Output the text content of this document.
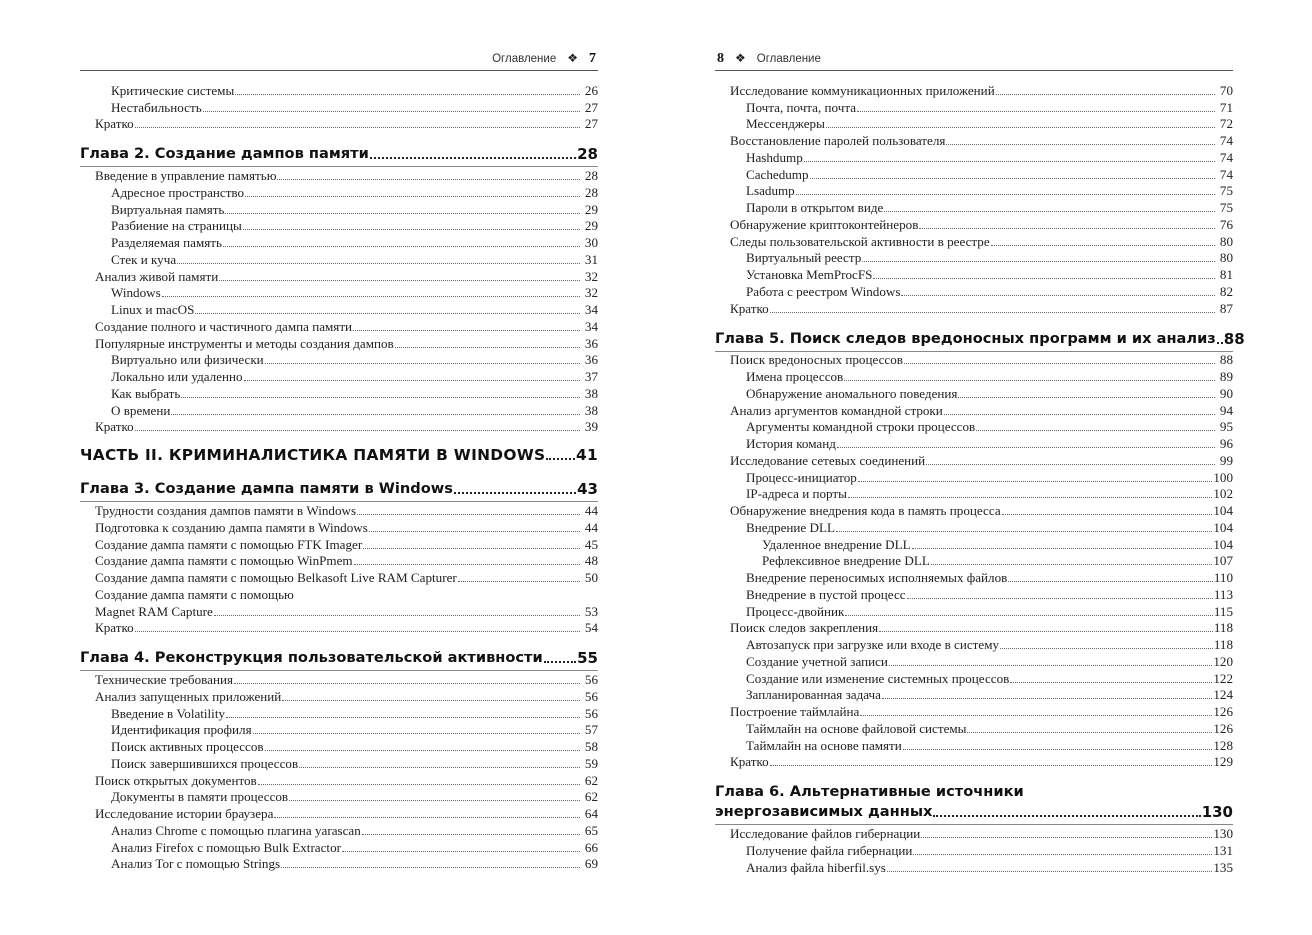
Оглавление ❖ 7
Критические системы	26
Нестабильность	27
Кратко	27
Глава 2. Создание дампов памяти	28
Введение в управление памятью	28
Адресное пространство	28
Виртуальная память	29
Разбиение на страницы	29
Разделяемая память	30
Стек и куча	31
Анализ живой памяти	32
Windows	32
Linux и macOS	34
Создание полного и частичного дампа памяти	34
Популярные инструменты и методы создания дампов	36
Виртуально или физически	36
Локально или удаленно	37
Как выбрать	38
О времени	38
Кратко	39
ЧАСТЬ II. КРИМИНАЛИСТИКА ПАМЯТИ В WINDOWS 41
Глава 3. Создание дампа памяти в Windows	43
Трудности создания дампов памяти в Windows	44
Подготовка к созданию дампа памяти в Windows	44
Создание дампа памяти с помощью FTK Imager	45
Создание дампа памяти с помощью WinPmem	48
Создание дампа памяти с помощью Belkasoft Live RAM Capturer	50
Создание дампа памяти с помощью
Magnet RAM Capture	53
Кратко	54
Глава 4. Реконструкция пользовательской активности 55
Технические требования	56
Анализ запущенных приложений	56
Введение в Volatility	56
Идентификация профиля	57
Поиск активных процессов	58
Поиск завершившихся процессов	59
Поиск открытых документов	62
Документы в памяти процессов	62
Исследование истории браузера	64
Анализ Chrome с помощью плагина yarascan	65
Анализ Firefox с помощью Bulk Extractor	66
Анализ Tor с помощью Strings	69
8 ❖ Оглавление
Исследование коммуникационных приложений	70
Почта, почта, почта	71
Мессенджеры	72
Восстановление паролей пользователя	74
Hashdump	74
Cachedump	74
Lsadump	75
Пароли в открытом виде	75
Обнаружение криптоконтейнеров	76
Следы пользовательской активности в реестре	80
Виртуальный реестр	80
Установка MemProcFS	81
Работа с реестром Windows	82
Кратко	87
Глава 5. Поиск следов вредоносных программ и их анализ 88
Поиск вредоносных процессов	88
Имена процессов	89
Обнаружение аномального поведения	90
Анализ аргументов командной строки	94
Аргументы командной строки процессов	95
История команд	96
Исследование сетевых соединений	99
Процесс-инициатор	100
IP-адреса и порты	102
Обнаружение внедрения кода в память процесса	104
Внедрение DLL	104
Удаленное внедрение DLL	104
Рефлексивное внедрение DLL	107
Внедрение переносимых исполняемых файлов	110
Внедрение в пустой процесс	113
Процесс-двойник	115
Поиск следов закрепления	118
Автозапуск при загрузке или входе в систему	118
Создание учетной записи	120
Создание или изменение системных процессов	122
Запланированная задача	124
Построение таймлайна	126
Таймлайн на основе файловой системы	126
Таймлайн на основе памяти	128
Кратко	129
Глава 6. Альтернативные источники
энергозависимых данных	130
Исследование файлов гибернации	130
Получение файла гибернации	131
Анализ файла hiberfil.sys	135
